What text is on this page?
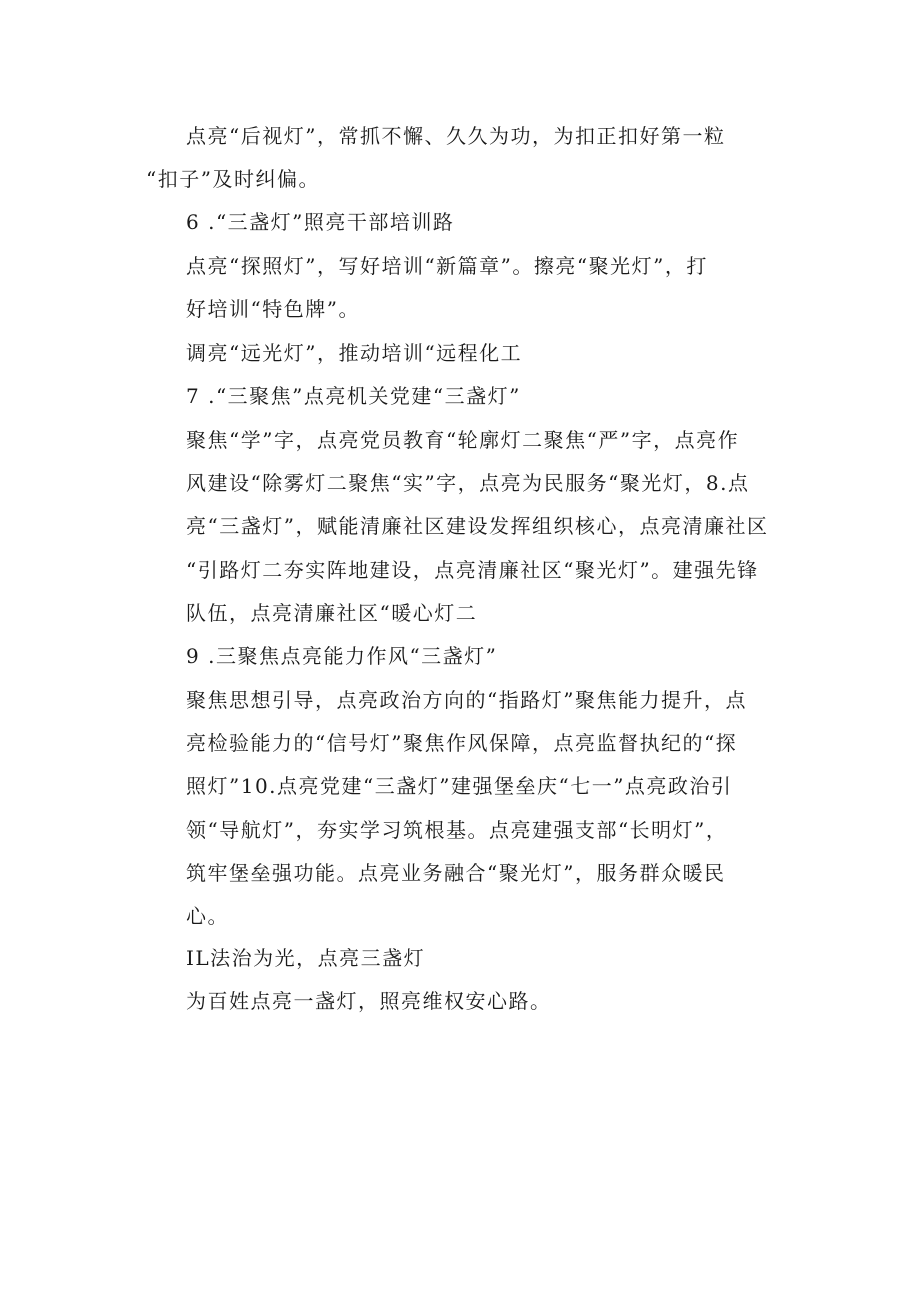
点亮“后视灯”，常抓不懈、久久为功，为扣正扣好第一粒
“扣子”及时纠偏。
6 .“三盏灯”照亮干部培训路
点亮“探照灯”，写好培训“新篇章”。擦亮“聚光灯”，打
好培训“特色牌”。
调亮“远光灯”，推动培训“远程化工
7 .“三聚焦”点亮机关党建“三盏灯”
聚焦“学”字，点亮党员教育“轮廓灯二聚焦“严”字，点亮作
风建设“除雾灯二聚焦“实”字，点亮为民服务“聚光灯，8.点
亮“三盏灯”，赋能清廉社区建设发挥组织核心，点亮清廉社区
“引路灯二夯实阵地建设，点亮清廉社区“聚光灯”。建强先锋
队伍，点亮清廉社区“暖心灯二
9 .三聚焦点亮能力作风“三盏灯”
聚焦思想引导，点亮政治方向的“指路灯”聚焦能力提升，点
亮检验能力的“信号灯”聚焦作风保障，点亮监督执纪的“探
照灯”10.点亮党建“三盏灯”建强堡垒庆“七一”点亮政治引
领“导航灯”，夯实学习筑根基。点亮建强支部“长明灯”，
筑牢堡垒强功能。点亮业务融合“聚光灯”，服务群众暖民
心。
IL法治为光，点亮三盏灯
为百姓点亮一盏灯，照亮维权安心路。
